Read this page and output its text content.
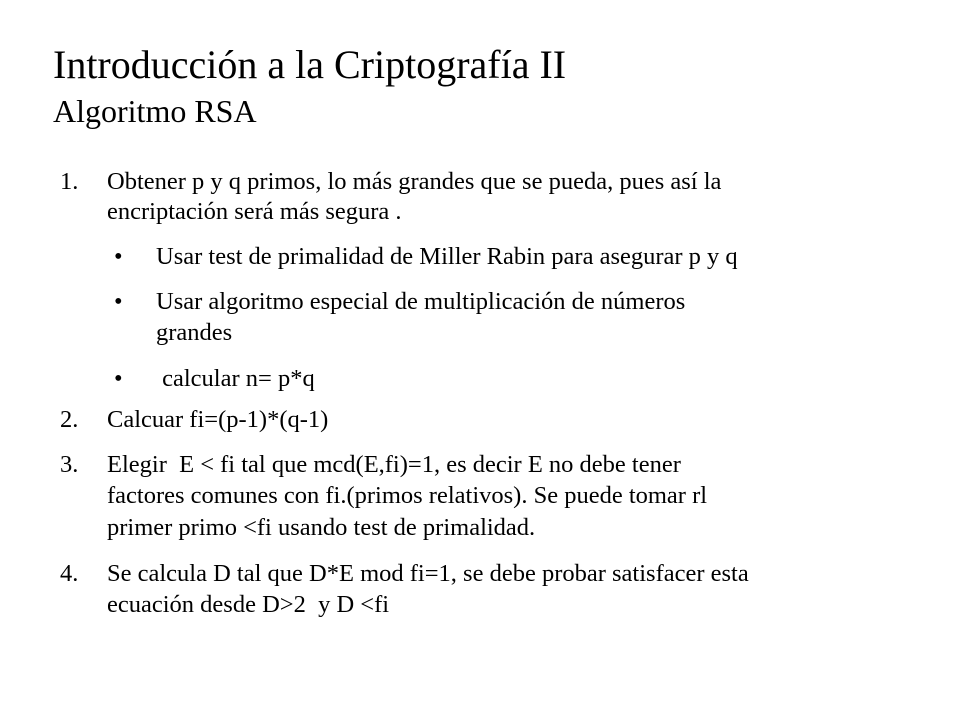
Introducción a la Criptografía II
Algoritmo RSA
1. Obtener p y q primos, lo más grandes que se pueda, pues así la
encriptación será más segura .
• Usar test de primalidad de Miller Rabin para asegurar p y q
• Usar algoritmo especial de multiplicación de números
grandes
• calcular n= p*q
2. Calcuar fi=(p-1)*(q-1)
3. Elegir  E < fi tal que mcd(E,fi)=1, es decir E no debe tener
factores comunes con fi.(primos relativos). Se puede tomar rl
primer primo <fi usando test de primalidad.
4. Se calcula D tal que D*E mod fi=1, se debe probar satisfacer esta
ecuación desde D>2  y D <fi
